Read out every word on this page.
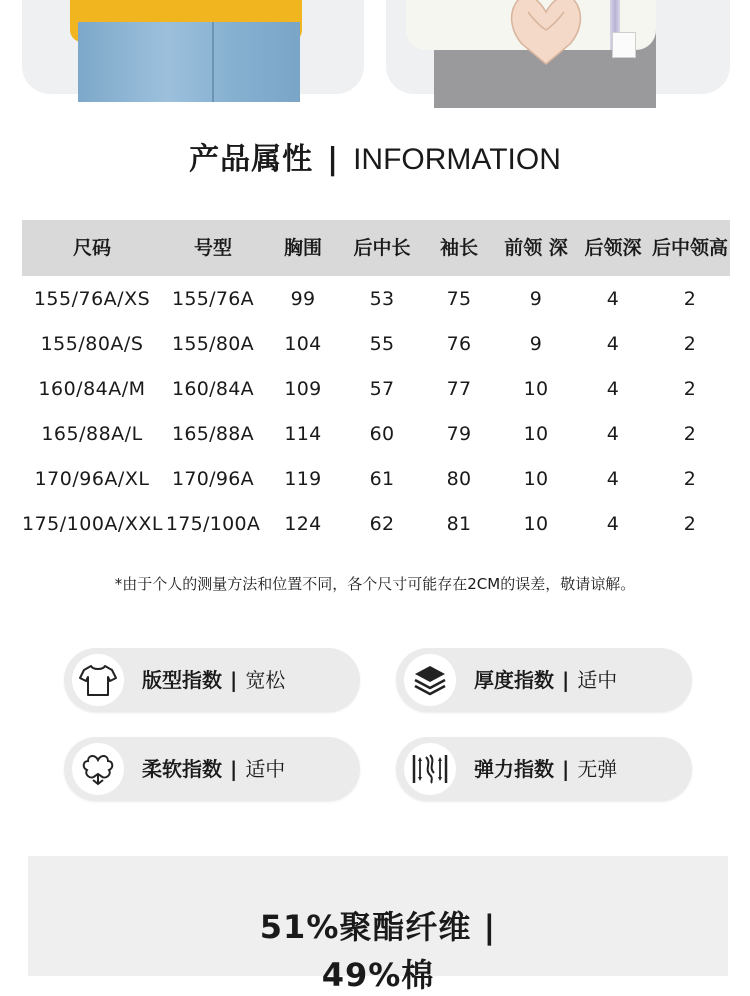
产品属性 | INFORMATION
尺码	号型	胸围	后中长	袖长	前领 深	后领深	后中领高
155/76A/XS	155/76A	99	53	75	9	4	2
155/80A/S	155/80A	104	55	76	9	4	2
160/84A/M	160/84A	109	57	77	10	4	2
165/88A/L	165/88A	114	60	79	10	4	2
170/96A/XL	170/96A	119	61	80	10	4	2
175/100A/XXL	175/100A	124	62	81	10	4	2
*由于个人的测量方法和位置不同，各个尺寸可能存在2CM的误差，敬请谅解。
版型指数 | 宽松	厚度指数 | 适中
柔软指数 | 适中	弹力指数 | 无弹
51%聚酯纤维 |
49%棉
